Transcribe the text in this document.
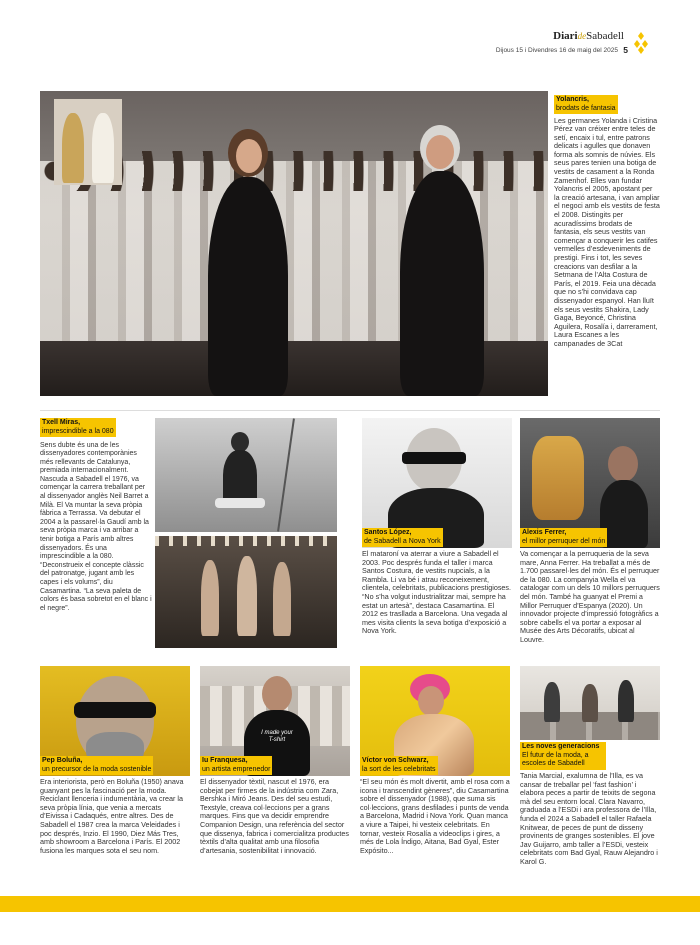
DiarideSabadell
Dijous 15 i Divendres 16 de maig del 2025 5
Yolancris,
brodats de fantasia

Les germanes Yolanda i Cristina Pérez van créixer entre teles de setí, encaix i tul, entre patrons delicats i agulles que donaven forma als somnis de núvies. Els seus pares tenien una botiga de vestits de casament a la Ronda Zamenhof. Elles van fundar Yolancris el 2005, apostant per la creació artesana, i van ampliar el negoci amb els vestits de festa el 2008. Distingits per acuradíssims brodats de fantasia, els seus vestits van començar a conquerir les catifes vermelles d’esdeveniments de prestigi. Fins i tot, les seves creacions van desfilar a la Setmana de l’Alta Costura de París, el 2019. Feia una dècada que no s’hi convidava cap dissenyador espanyol. Han lluït els seus vestits Shakira, Lady Gaga, Beyoncé, Christina Aguilera, Rosalía i, darrerament, Laura Escanes a les campanades de 3Cat

Txell Miras,
imprescindible a la 080

Sens dubte és una de les dissenyadores contemporànies més rellevants de Catalunya, premiada internacionalment. Nascuda a Sabadell el 1976, va començar la carrera treballant per al dissenyador anglès Neil Barret a Milà. El Va muntar la seva pròpia fàbrica a Terrassa. Va debutar el 2004 a la passarel·la Gaudí amb la seva pròpia marca i va arribar a tenir botiga a París amb altres dissenyadors. És una imprescindible a la 080. “Deconstrueix el concepte clàssic del patronatge, jugant amb les capes i els volums”, diu Casamartina. “La seva paleta de colors és basa sobretot en el blanc i el negre”.

Santos López,
de Sabadell a Nova York

El mataroní va aterrar a viure a Sabadell el 2003. Poc després funda el taller i marca Santos Costura, de vestits nupcials, a la Rambla. Li va bé i atrau reconeixement, clientela, celebritats, publicacions prestigioses. “No s’ha volgut industrialitzar mai, sempre ha estat un artesà”, destaca Casamartina. El 2012 es trasllada a Barcelona. Una vegada al mes visita clients la seva botiga d’exposició a Nova York.

Alexis Ferrer,
el millor perruquer del món

Va començar a la perruqueria de la seva mare, Anna Ferrer. Ha treballat a més de 1.700 passarel·les del món. És el perruquer de la 080. La companyia Wella el va catalogar com un dels 10 millors perruquers del món. També ha guanyat el Premi a Millor Perruquer d’Espanya (2020). Un innovador projecte d’impressió fotogràfics a sobre cabells el va portar a exposar al Musée des Arts Décoratifs, ubicat al Louvre.

Pep Boluña,
un precursor de la moda sostenible

Era interiorista, però en Boluña (1950) anava guanyant pes la fascinació per la moda. Reciclant llenceria i indumentària, va crear la seva pròpia línia, que venia a mercats d’Eivissa i Cadaqués, entre altres. Des de Sabadell el 1987 crea la marca Veleidades i poc després, Inzio. El 1990, Diez Más Tres, amb showroom a Barcelona i París. El 2002 fusiona les marques sota el seu nom.

I made your T-shirt
Iu Franquesa,
un artista emprenedor

El dissenyador tèxtil, nascut el 1976, era cobejat per firmes de la indústria com Zara, Bershka i Miró Jeans. Des del seu estudi, Texstyle, creava col·leccions per a grans marques. Fins que va decidir emprendre Companion Design, una referència del sector que dissenya, fabrica i comercialitza productes tèxtils d’alta qualitat amb una filosofia d’artesania, sostenibilitat i innovació.

Víctor von Schwarz,
la sort de les celebritats

“El seu món és molt divertit, amb el rosa com a icona i transcendint gèneres”, diu Casamartina sobre el dissenyador (1988), que suma sis col·leccions, grans desfilades i punts de venda a Barcelona, Madrid i Nova York. Quan manca a viure a Taipei, hi vesteix celebritats. En tornar, vesteix Rosalía a videoclips i gires, a més de Lola Índigo, Aitana, Bad Gyal, Ester Expósito...

Les noves generacions
El futur de la moda, a escoles de Sabadell

Tania Marcial, exalumna de l’Illa, es va cansar de treballar pel ‘fast fashion’ i elabora peces a partir de teixits de segona mà del seu entorn local. Clara Navarro, graduada a l’ESDi i ara professora de l’Illa, funda el 2024 a Sabadell el taller Rafaela Knitwear, de peces de punt de disseny provinents de granges sostenibles. El jove Jav Guijarro, amb taller a l’ESDi, vesteix celebritats com Bad Gyal, Rauw Alejandro i Karol G.
